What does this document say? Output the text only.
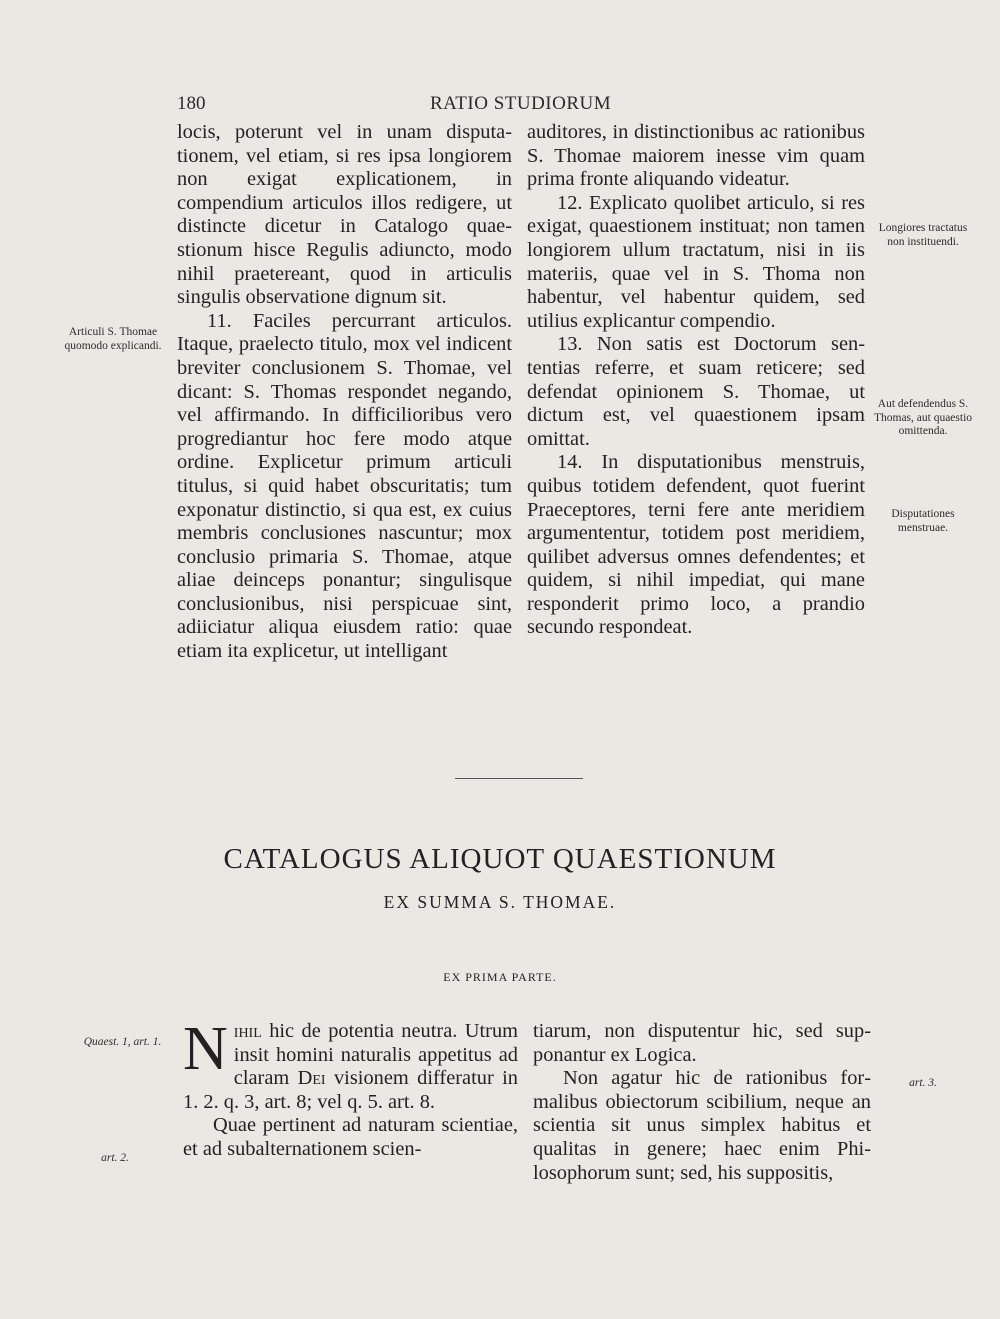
180	RATIO STUDIORUM

locis, poterunt vel in unam disputationem, vel etiam, si res ipsa longiorem non exigat explicationem, in compendium articulos illos redigere, ut distincte dicetur in Catalogo quaestionum hisce Regulis adiuncto, modo nihil praetereant, quod in articulis singulis observatione dignum sit.

11. Faciles percurrant articulos. Itaque, praelecto titulo, mox vel indicent breviter conclusionem S. Thomae, vel dicant: S. Thomas respondet negando, vel affirmando. In difficilioribus vero progrediantur hoc fere modo atque ordine. Explicetur primum articuli titulus, si quid habet obscuritatis; tum exponatur distinctio, si qua est, ex cuius membris conclusiones nascuntur; mox conclusio primaria S. Thomae, atque aliae deinceps ponantur; singulisque conclusionibus, nisi perspicuae sint, adiiciatur aliqua eiusdem ratio: quae etiam ita explicetur, ut intelligant

auditores, in distinctionibus ac rationibus S. Thomae maiorem inesse vim quam prima fronte aliquando videatur.

12. Explicato quolibet articulo, si res exigat, quaestionem instituat; non tamen longiorem ullum tractatum, nisi in iis materiis, quae vel in S. Thoma non habentur, vel habentur quidem, sed utilius explicantur compendio.

13. Non satis est Doctorum sententias referre, et suam reticere; sed defendat opinionem S. Thomae, ut dictum est, vel quaestionem ipsam omittat.

14. In disputationibus menstruis, quibus totidem defendent, quot fuerint Praeceptores, terni fere ante meridiem argumententur, totidem post meridiem, quilibet adversus omnes defendentes; et quidem, si nihil impediat, qui mane responderit primo loco, a prandio secundo respondeat.

Articuli S. Thomae quomodo explicandi.
Longiores tractatus non instituendi.
Aut defendendus S. Thomas, aut quaestio omittenda.
Disputationes menstruae.
CATALOGUS ALIQUOT QUAESTIONUM
EX SUMMA S. THOMAE.
EX PRIMA PARTE.
Quaest. 1, art. 1.
art. 2.
art. 3.

Nihil hic de potentia neutra. Utrum insit homini naturalis appetitus ad claram Dei visionem differatur in 1. 2. q. 3, art. 8; vel q. 5. art. 8.

Quae pertinent ad naturam scientiae, et ad subalternationem scien-

tiarum, non disputentur hic, sed supponantur ex Logica.

Non agatur hic de rationibus formalibus obiectorum scibilium, neque an scientia sit unus simplex habitus et qualitas in genere; haec enim Philosophorum sunt; sed, his suppositis,
